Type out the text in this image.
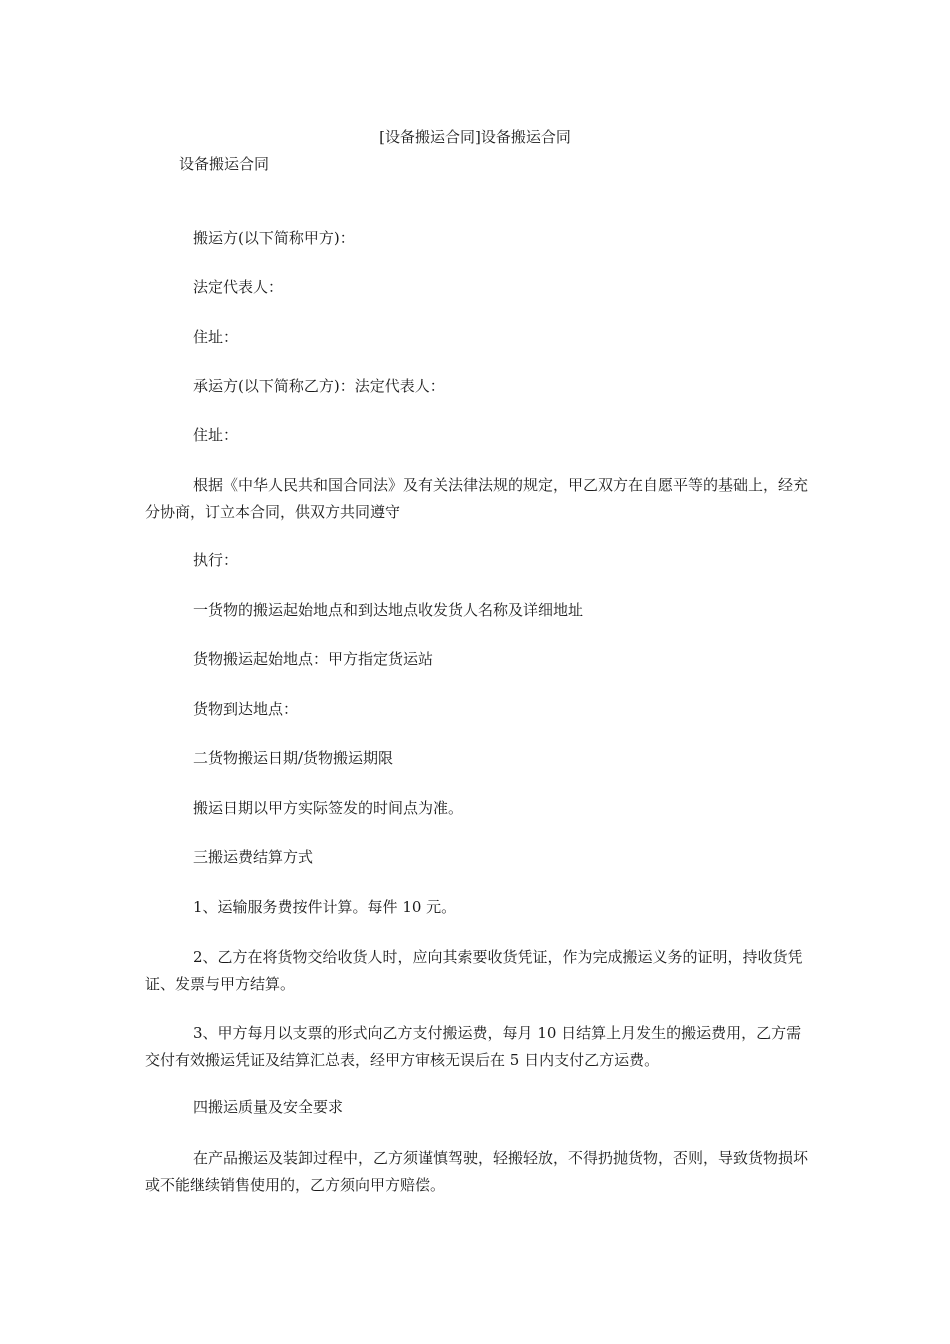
[设备搬运合同]设备搬运合同
设备搬运合同
搬运方(以下简称甲方)：
法定代表人：
住址：
承运方(以下简称乙方)：法定代表人：
住址：
根据《中华人民共和国合同法》及有关法律法规的规定，甲乙双方在自愿平等的基础上，经充分协商，订立本合同，供双方共同遵守
执行：
一货物的搬运起始地点和到达地点收发货人名称及详细地址
货物搬运起始地点：甲方指定货运站
货物到达地点：
二货物搬运日期/货物搬运期限
搬运日期以甲方实际签发的时间点为准。
三搬运费结算方式
1、运输服务费按件计算。每件 10 元。
2、乙方在将货物交给收货人时，应向其索要收货凭证，作为完成搬运义务的证明，持收货凭证、发票与甲方结算。
3、甲方每月以支票的形式向乙方支付搬运费，每月 10 日结算上月发生的搬运费用，乙方需交付有效搬运凭证及结算汇总表，经甲方审核无误后在 5 日内支付乙方运费。
四搬运质量及安全要求
在产品搬运及装卸过程中，乙方须谨慎驾驶，轻搬轻放，不得扔抛货物，否则，导致货物损坏或不能继续销售使用的，乙方须向甲方赔偿。
